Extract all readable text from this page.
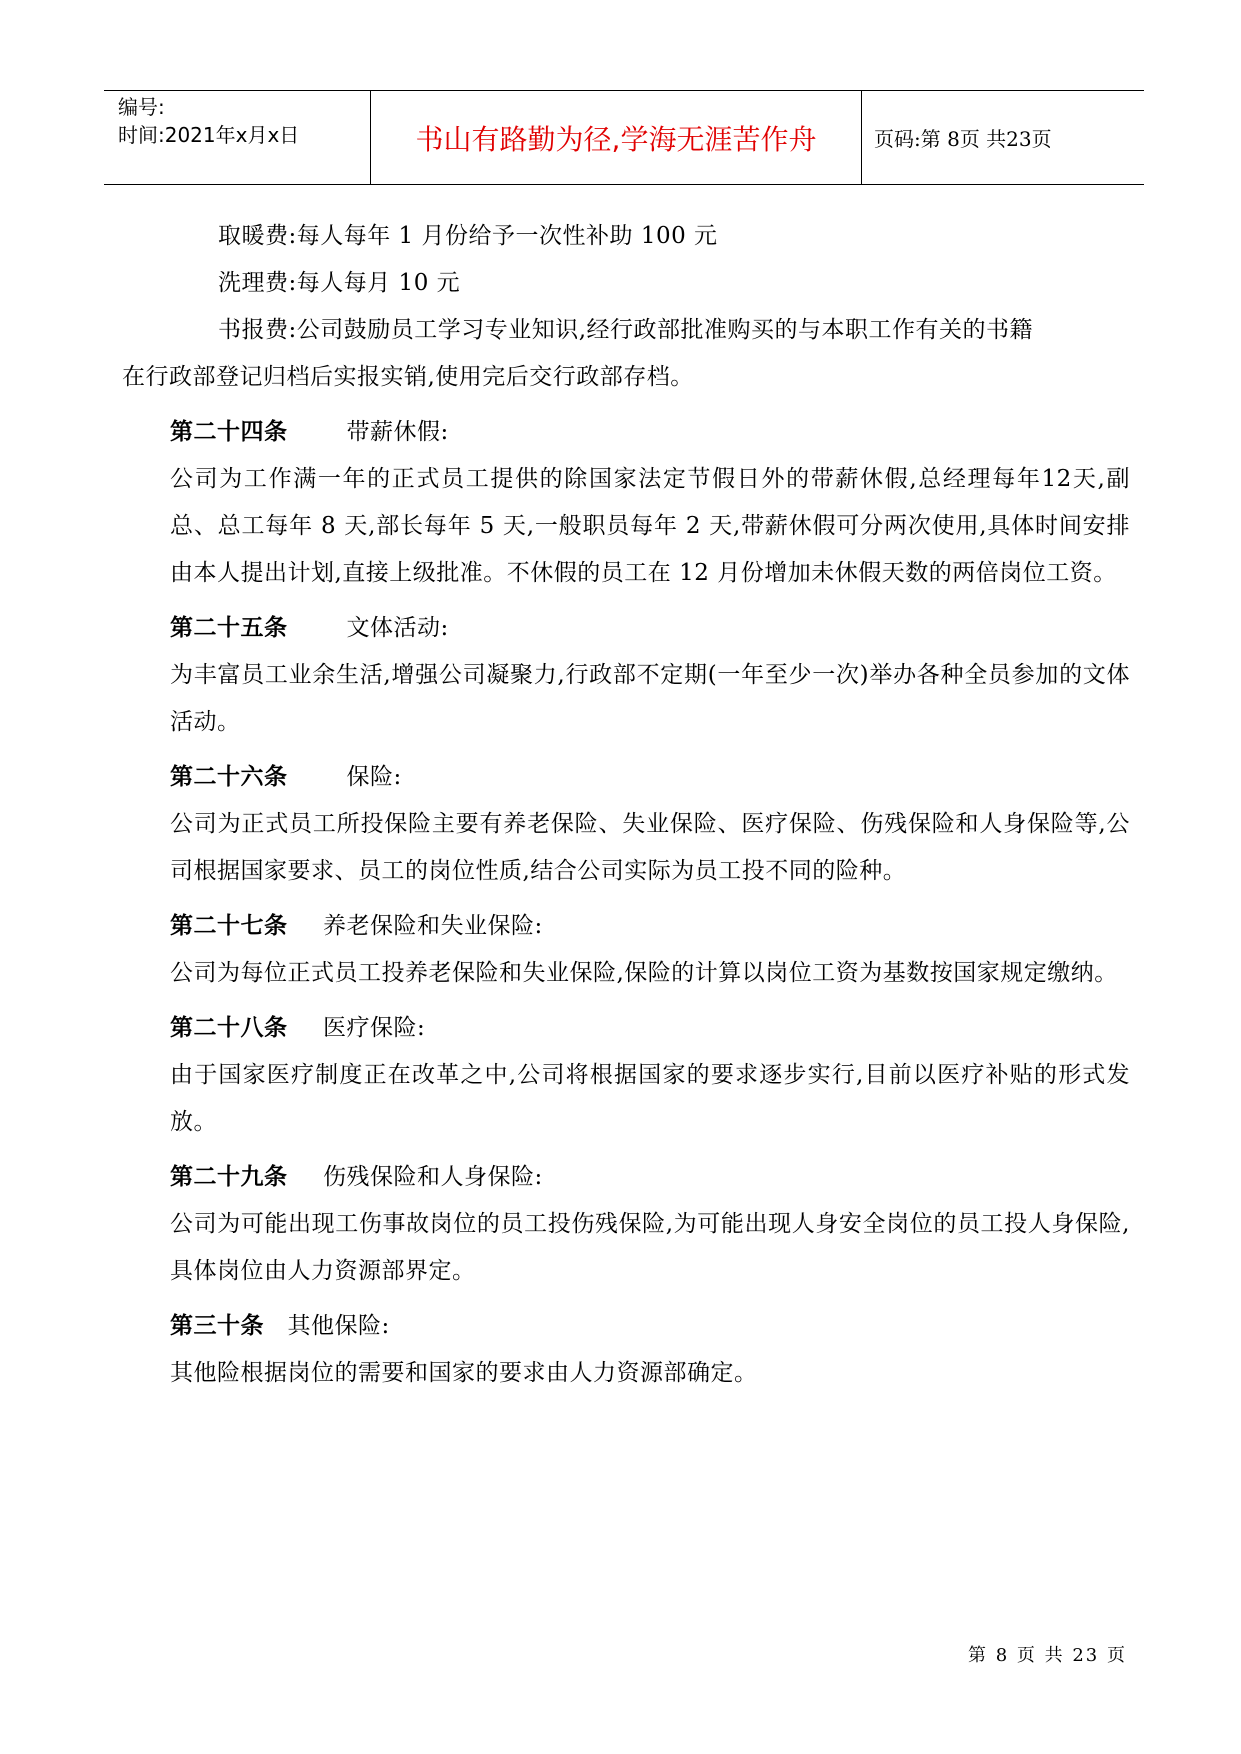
编号:
时间:2021年x月x日	书山有路勤为径,学海无涯苦作舟	页码:第 8页 共23页

取暖费:每人每年 1 月份给予一次性补助 100 元

洗理费:每人每月 10 元

书报费:公司鼓励员工学习专业知识,经行政部批准购买的与本职工作有关的书籍

在行政部登记归档后实报实销,使用完后交行政部存档。

第二十四条   	带薪休假:

公司为工作满一年的正式员工提供的除国家法定节假日外的带薪休假,总经理每年12天,副总、总工每年 8 天,部长每年 5 天,一般职员每年 2 天,带薪休假可分两次使用,具体时间安排由本人提出计划,直接上级批准。不休假的员工在 12 月份增加未休假天数的两倍岗位工资。

第二十五条   	文体活动:

为丰富员工业余生活,增强公司凝聚力,行政部不定期(一年至少一次)举办各种全员参加的文体活动。

第二十六条   	保险:

公司为正式员工所投保险主要有养老保险、失业保险、医疗保险、伤残保险和人身保险等,公司根据国家要求、员工的岗位性质,结合公司实际为员工投不同的险种。

第二十七条   养老保险和失业保险:

公司为每位正式员工投养老保险和失业保险,保险的计算以岗位工资为基数按国家规定缴纳。

第二十八条   医疗保险:

由于国家医疗制度正在改革之中,公司将根据国家的要求逐步实行,目前以医疗补贴的形式发放。

第二十九条   伤残保险和人身保险:

公司为可能出现工伤事故岗位的员工投伤残保险,为可能出现人身安全岗位的员工投人身保险,具体岗位由人力资源部界定。

第三十条  其他保险:

其他险根据岗位的需要和国家的要求由人力资源部确定。

第 8 页 共 23 页
